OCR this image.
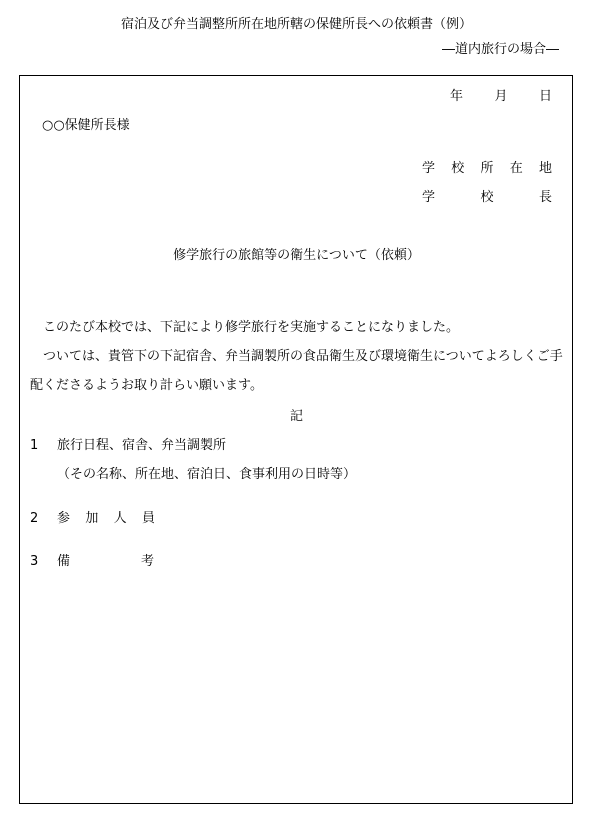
宿泊及び弁当調整所所在地所轄の保健所長への依頼書（例）
―道内旅行の場合―
年 月 日
○○保健所長様
学 校 所 在 地
学	校	長
修学旅行の旅館等の衛生について（依頼）
このたび本校では、下記により修学旅行を実施することになりました。
ついては、貴管下の下記宿舎、弁当調製所の食品衛生及び環境衛生についてよろしくご手配くださるようお取り計らい願います。
記
1 旅行日程、宿舎、弁当調製所
（その名称、所在地、宿泊日、食事利用の日時等）
2 参 加 人 員
3 備	考
